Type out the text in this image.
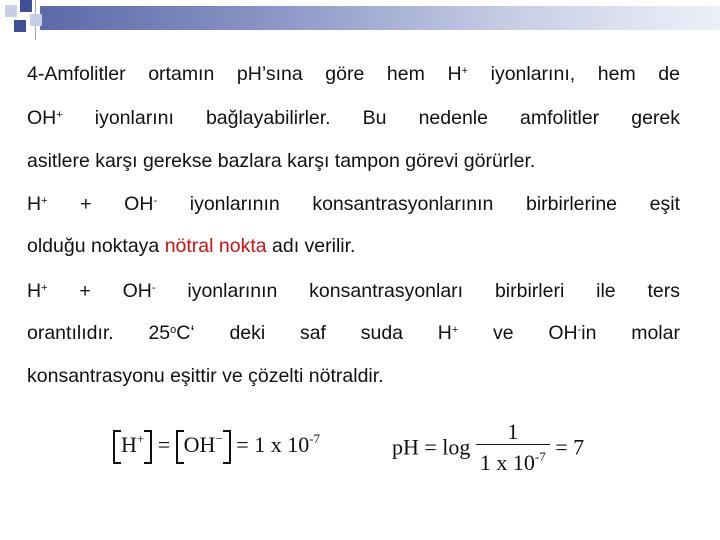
4-Amfolitler ortamın pH’sına göre hem H+ iyonlarını, hem de
OH+ iyonlarını bağlayabilirler. Bu nedenle amfolitler gerek
asitlere karşı gerekse bazlara karşı tampon görevi görürler.
H+ + OH- iyonlarının konsantrasyonlarının birbirlerine eşit
olduğu noktaya nötral nokta adı verilir.
H+ + OH- iyonlarının konsantrasyonları birbirleri ile ters
orantılıdır. 25$^o$C‘ deki saf suda H+ ve OH-in molar
konsantrasyonu eşittir ve çözelti nötraldir.
H+ = OH− = 1 x $10^{-7}$	pH = $\log \frac{1}{1 x 10^{-7}} = 7$
